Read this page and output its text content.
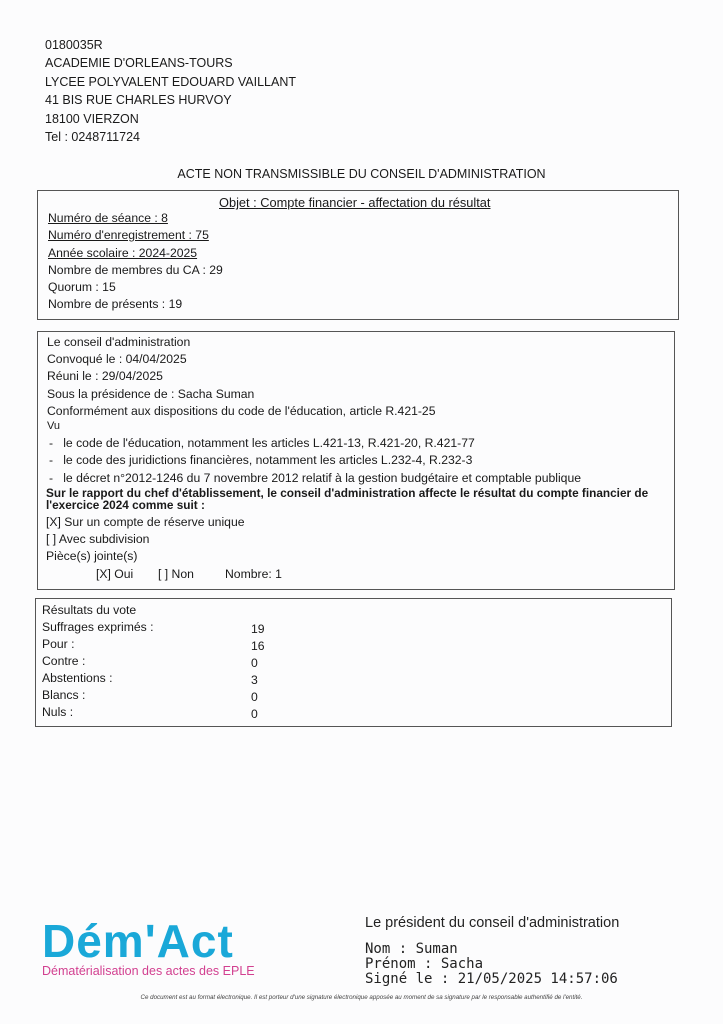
0180035R
ACADEMIE D'ORLEANS-TOURS
LYCEE POLYVALENT EDOUARD VAILLANT
41 BIS RUE CHARLES HURVOY
18100 VIERZON
Tel : 0248711724
ACTE NON TRANSMISSIBLE DU CONSEIL D'ADMINISTRATION
Objet : Compte financier - affectation du résultat
Numéro de séance : 8
Numéro d'enregistrement : 75
Année scolaire : 2024-2025
Nombre de membres du CA : 29
Quorum : 15
Nombre de présents : 19
Le conseil d'administration
Convoqué le : 04/04/2025
Réuni le : 29/04/2025
Sous la présidence de : Sacha Suman
Conformément aux dispositions du code de l'éducation, article R.421-25
Vu
-   le code de l'éducation, notamment les articles L.421-13, R.421-20, R.421-77
-   le code des juridictions financières, notamment les articles L.232-4, R.232-3
-   le décret n°2012-1246 du 7 novembre 2012 relatif à la gestion budgétaire et comptable publique
Sur le rapport du chef d'établissement, le conseil d'administration affecte le résultat du compte financier de
l'exercice 2024 comme suit :
[X] Sur un compte de réserve unique
[ ] Avec subdivision
Pièce(s) jointe(s)
[X] Oui [ ] Non	Nombre: 1
Résultats du vote
Suffrages exprimés :	19
Pour :	16
Contre :	0
Abstentions :	3
Blancs :	0
Nuls :	0
Dém'Act
Dématérialisation des actes des EPLE
Le président du conseil d'administration
Nom : Suman
Prénom : Sacha
Signé le : 21/05/2025 14:57:06
Ce document est au format électronique. Il est porteur d'une signature électronique apposée au moment de sa signature par le responsable authentifié de l'entité.
